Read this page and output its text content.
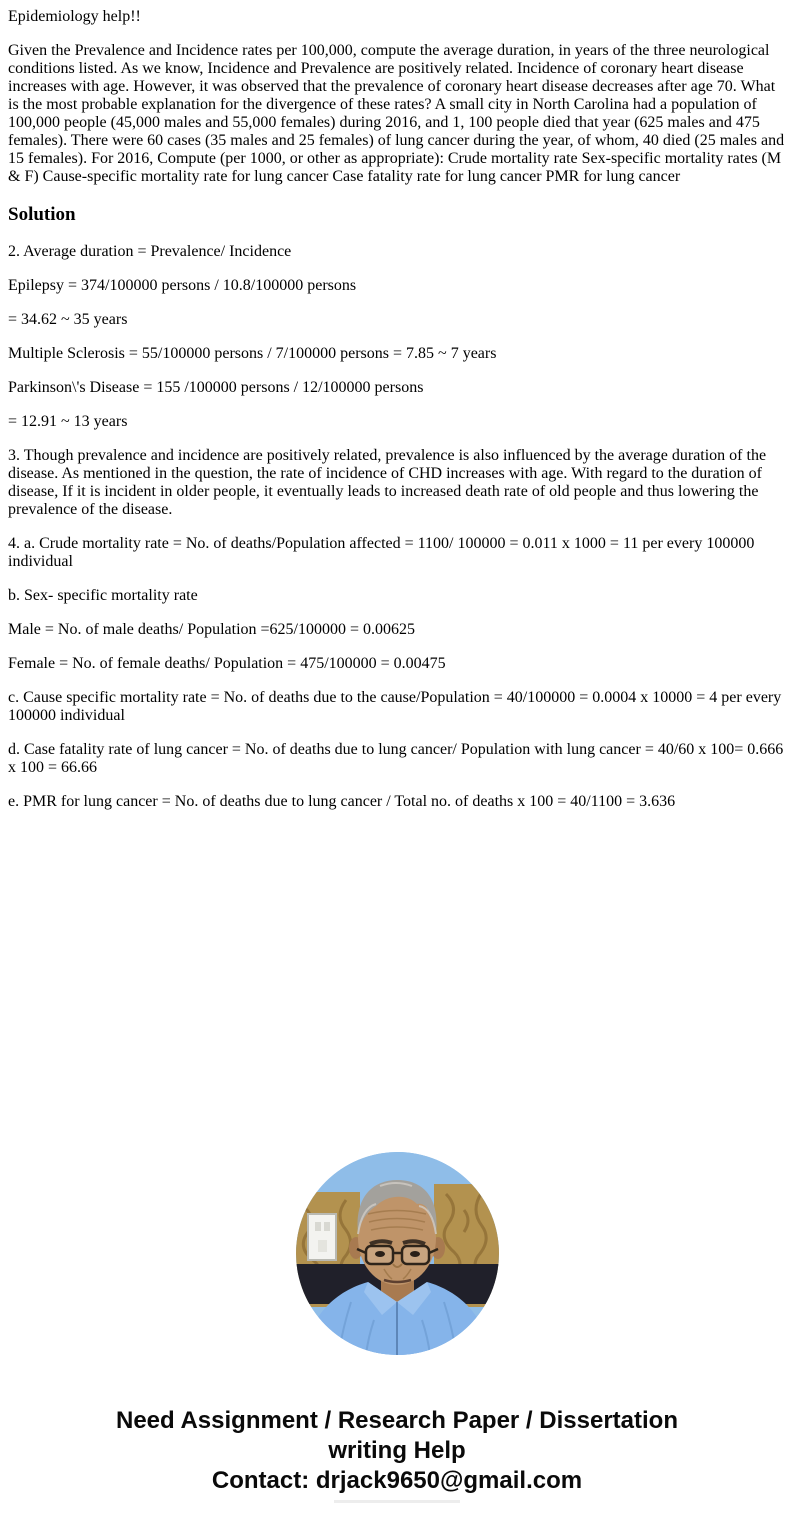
Epidemiology help!!

Given the Prevalence and Incidence rates per 100,000, compute the average duration, in years of the three neurological conditions listed. As we know, Incidence and Prevalence are positively related. Incidence of coronary heart disease increases with age. However, it was observed that the prevalence of coronary heart disease decreases after age 70. What is the most probable explanation for the divergence of these rates? A small city in North Carolina had a population of 100,000 people (45,000 males and 55,000 females) during 2016, and 1, 100 people died that year (625 males and 475 females). There were 60 cases (35 males and 25 females) of lung cancer during the year, of whom, 40 died (25 males and 15 females). For 2016, Compute (per 1000, or other as appropriate): Crude mortality rate Sex-specific mortality rates (M & F) Cause-specific mortality rate for lung cancer Case fatality rate for lung cancer PMR for lung cancer

Solution

2. Average duration = Prevalence/ Incidence

Epilepsy = 374/100000 persons / 10.8/100000 persons

= 34.62 ~ 35 years

Multiple Sclerosis = 55/100000 persons / 7/100000 persons = 7.85 ~ 7 years

Parkinson\'s Disease = 155 /100000 persons / 12/100000 persons

= 12.91 ~ 13 years

3. Though prevalence and incidence are positively related, prevalence is also influenced by the average duration of the disease. As mentioned in the question, the rate of incidence of CHD increases with age. With regard to the duration of disease, If it is incident in older people, it eventually leads to increased death rate of old people and thus lowering the prevalence of the disease.

4. a. Crude mortality rate = No. of deaths/Population affected = 1100/ 100000 = 0.011 x 1000 = 11 per every 100000 individual

b. Sex- specific mortality rate

Male = No. of male deaths/ Population =625/100000 = 0.00625

Female = No. of female deaths/ Population = 475/100000 = 0.00475

c. Cause specific mortality rate = No. of deaths due to the cause/Population = 40/100000 = 0.0004 x 10000 = 4 per every 100000 individual

d. Case fatality rate of lung cancer = No. of deaths due to lung cancer/ Population with lung cancer = 40/60 x 100= 0.666 x 100 = 66.66

e. PMR for lung cancer = No. of deaths due to lung cancer / Total no. of deaths x 100 = 40/1100 = 3.636

Need Assignment / Research Paper / Dissertation
writing Help
Contact: drjack9650@gmail.com
